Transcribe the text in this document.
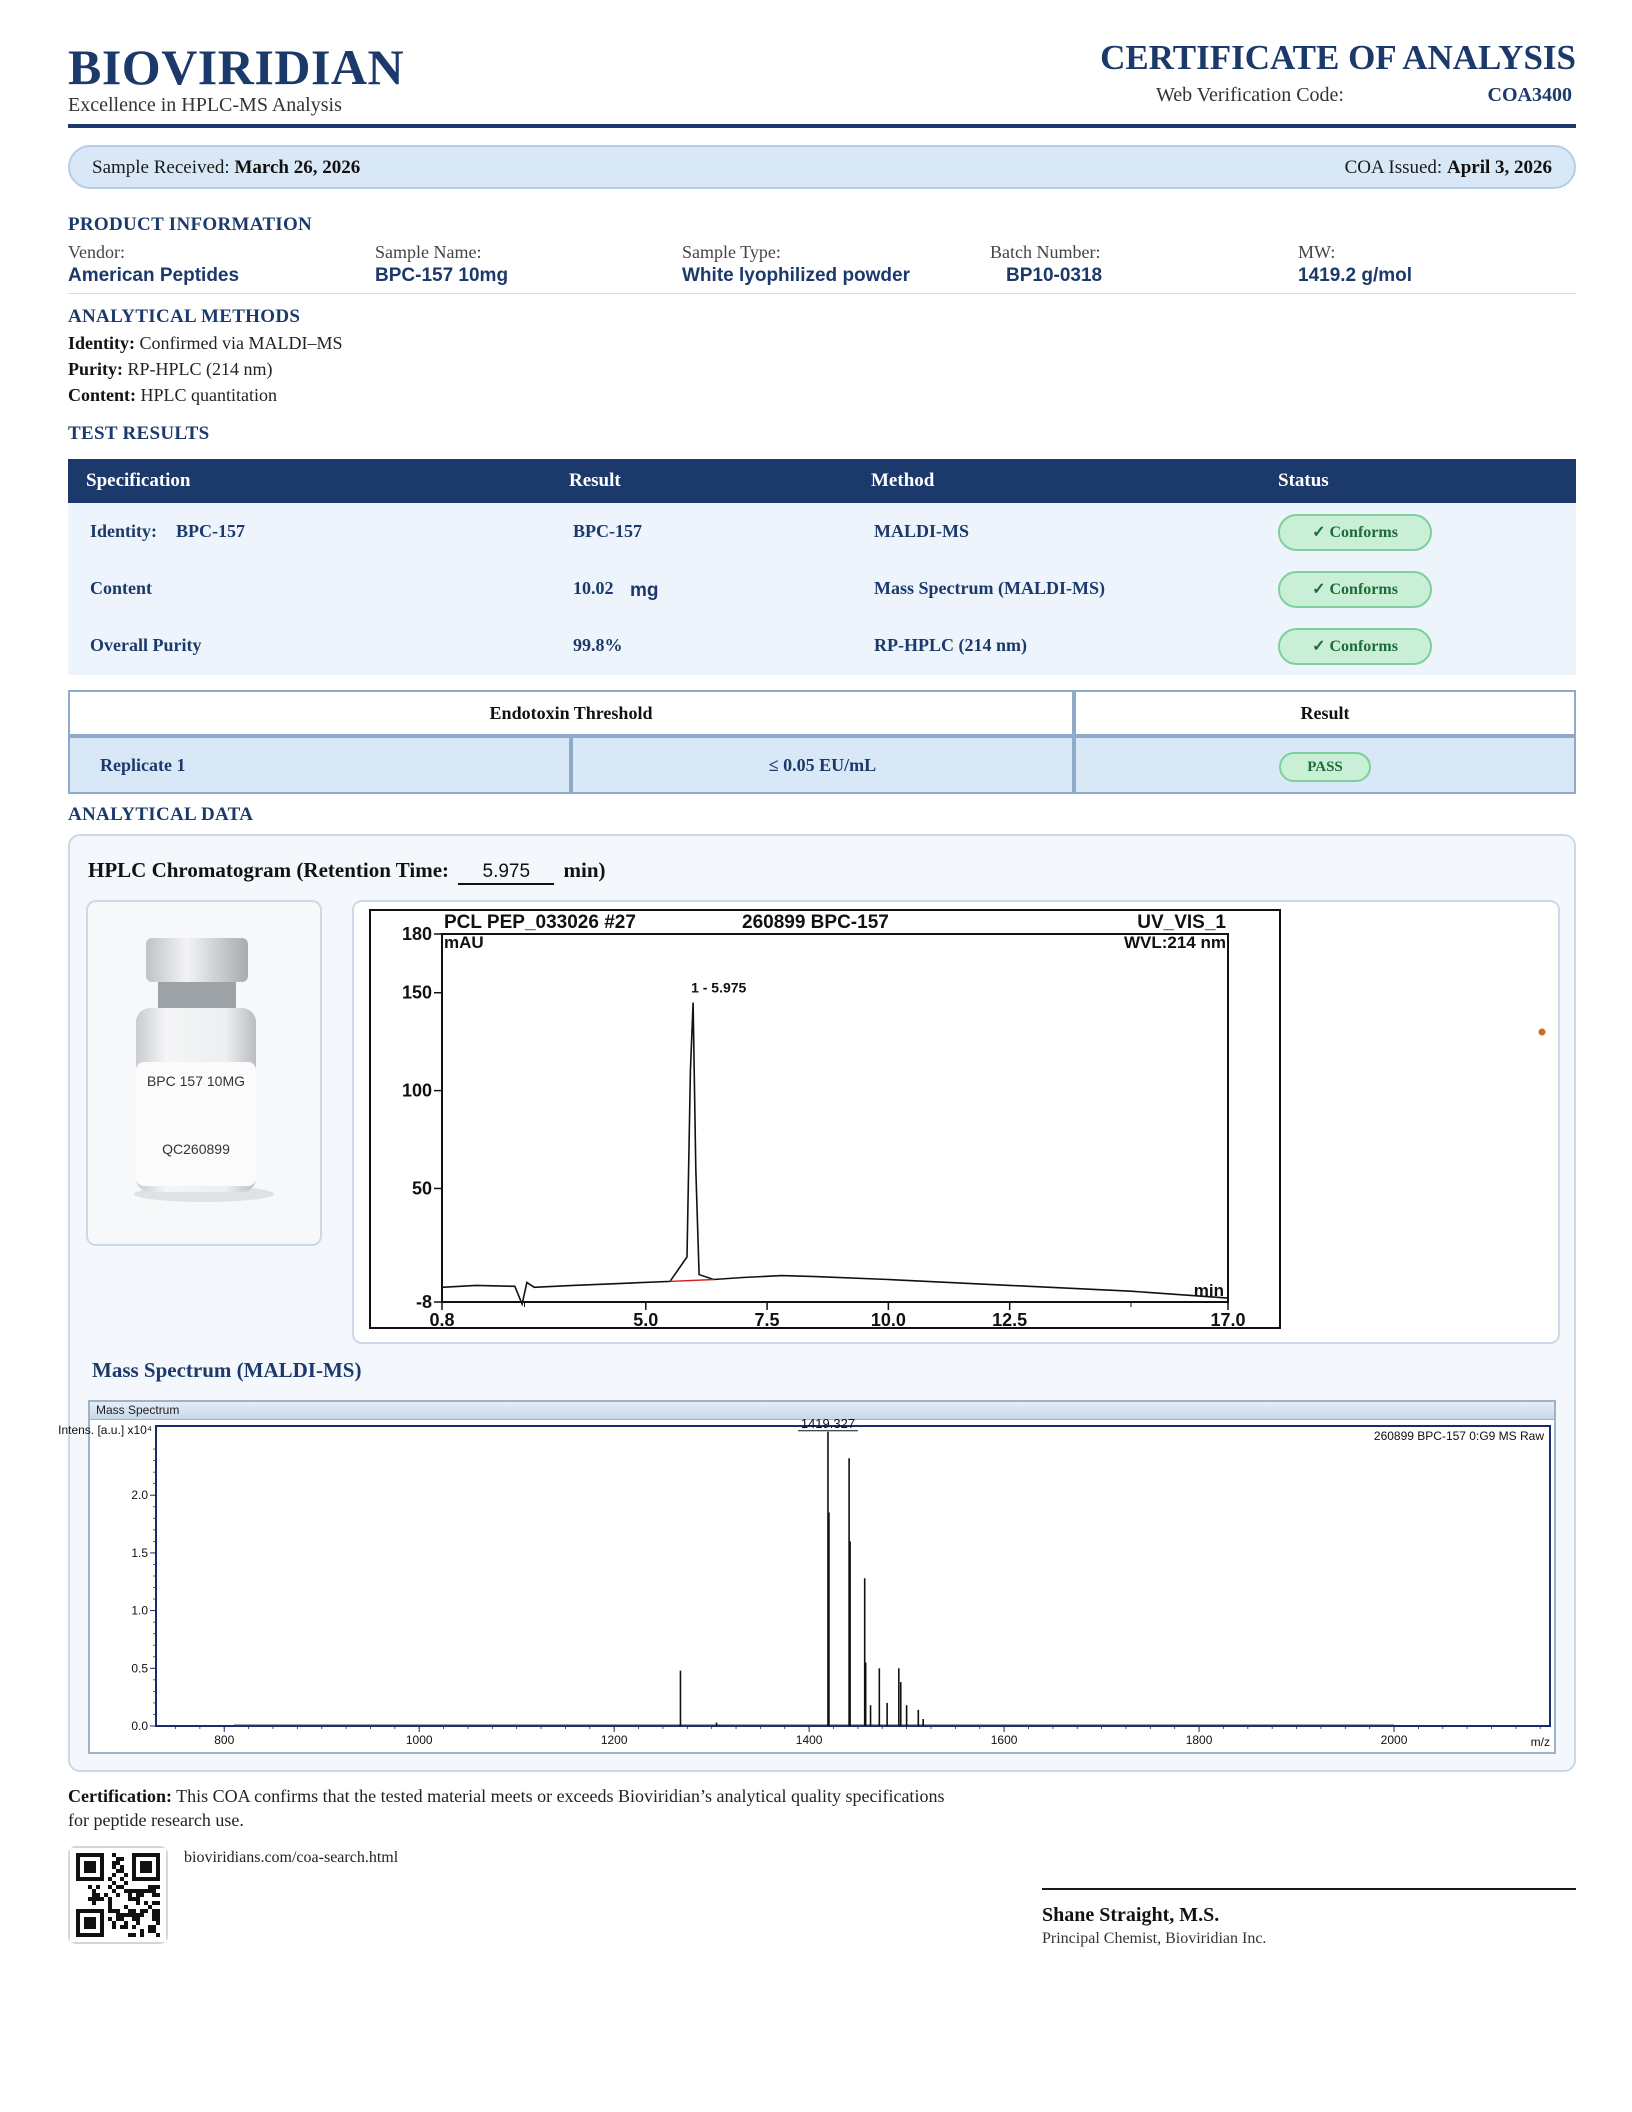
BIOVIRIDIAN
Excellence in HPLC-MS Analysis
CERTIFICATE OF ANALYSIS
Web Verification Code:	COA3400
Sample Received: March 26, 2026	COA Issued: April 3, 2026
PRODUCT INFORMATION
Vendor:
American Peptides
Sample Name:
BPC-157 10mg
Sample Type:
White lyophilized powder
Batch Number:
BP10-0318
MW:
1419.2 g/mol
ANALYTICAL METHODS
Identity: Confirmed via MALDI–MS
Purity: RP-HPLC (214 nm)
Content: HPLC quantitation
TEST RESULTS
Specification	Result	Method	Status
Identity: BPC-157	BPC-157	MALDI-MS	✓ Conforms
Content	10.02 mg	Mass Spectrum (MALDI-MS)	✓ Conforms
Overall Purity	99.8%	RP-HPLC (214 nm)	✓ Conforms
Endotoxin Threshold	Result
Replicate 1	≤ 0.05 EU/mL	PASS
ANALYTICAL DATA
HPLC Chromatogram (Retention Time: 5.975 min)
BPC 157 10MG
QC260899
PCL PEP_033026 #27	260899 BPC-157	UV_VIS_1
mAU	WVL:214 nm
min
0.8	5.0	7.5	10.0	12.5	17.0
180
150
100
50
-8
1 - 5.975
Mass Spectrum (MALDI-MS)
Mass Spectrum
Intens. [a.u.] x10⁴	260899 BPC-157 0:G9 MS Raw
m/z
800	1000	1200	1400	1600	1800	2000
2.0
1.5
1.0
0.5
0.0
1419.327
Certification: This COA confirms that the tested material meets or exceeds Bioviridian’s analytical quality specifications for peptide research use.
bioviridians.com/coa-search.html
Shane Straight, M.S.
Principal Chemist, Bioviridian Inc.
